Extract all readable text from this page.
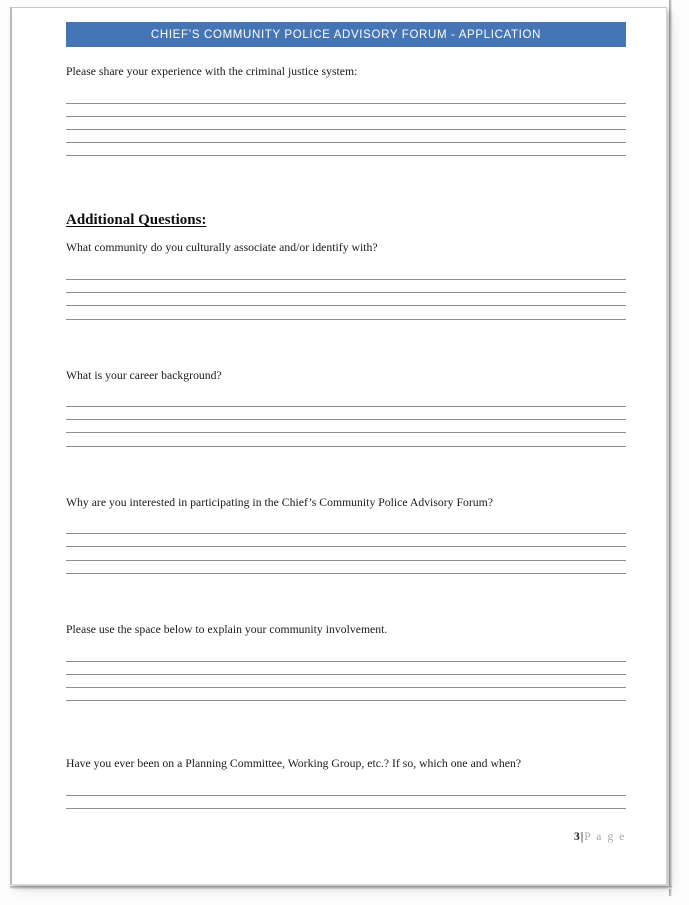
CHIEF’S COMMUNITY POLICE ADVISORY FORUM - APPLICATION
Please share your experience with the criminal justice system:
Additional Questions:
What community do you culturally associate and/or identify with?
What is your career background?
Why are you interested in participating in the Chief’s Community Police Advisory Forum?
Please use the space below to explain your community involvement.
Have you ever been on a Planning Committee, Working Group, etc.? If so, which one and when?
3|P a g e
